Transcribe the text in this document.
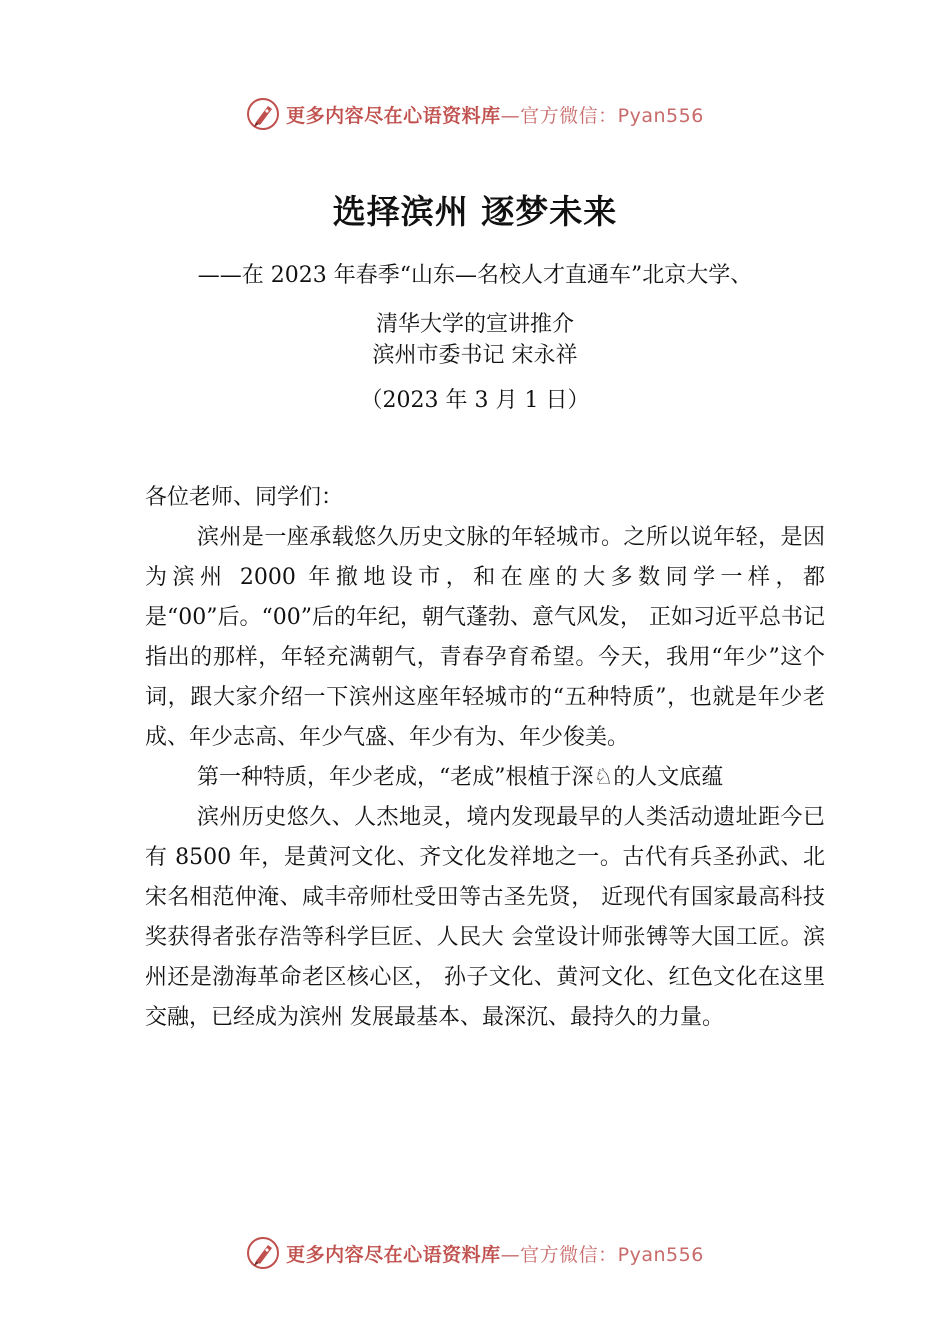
更多内容尽在心语资料库—官方微信：Pyan556
选择滨州 逐梦未来
——在 2023 年春季“山东—名校人才直通车”北京大学、
清华大学的宣讲推介
滨州市委书记 宋永祥
（2023 年 3 月 1 日）

各位老师、同学们：

滨州是一座承载悠久历史文脉的年轻城市。之所以说年轻，是因为滨州 2000 年撤地设市，和在座的大多数同学一样，都是“00”后。“00”后的年纪，朝气蓬勃、意气风发， 正如习近平总书记指出的那样，年轻充满朝气，青春孕育希望。今天，我用“年少”这个词，跟大家介绍一下滨州这座年轻城市的“五种特质”，也就是年少老成、年少志高、年少气盛、年少有为、年少俊美。

第一种特质，年少老成，“老成”根植于深♘的人文底蕴

滨州历史悠久、人杰地灵，境内发现最早的人类活动遗址距今已有 8500 年，是黄河文化、齐文化发祥地之一。古代有兵圣孙武、北宋名相范仲淹、咸丰帝师杜受田等古圣先贤， 近现代有国家最高科技奖获得者张存浩等科学巨匠、人民大 会堂设计师张镈等大国工匠。滨州还是渤海革命老区核心区， 孙子文化、黄河文化、红色文化在这里交融，已经成为滨州 发展最基本、最深沉、最持久的力量。

更多内容尽在心语资料库—官方微信：Pyan556
